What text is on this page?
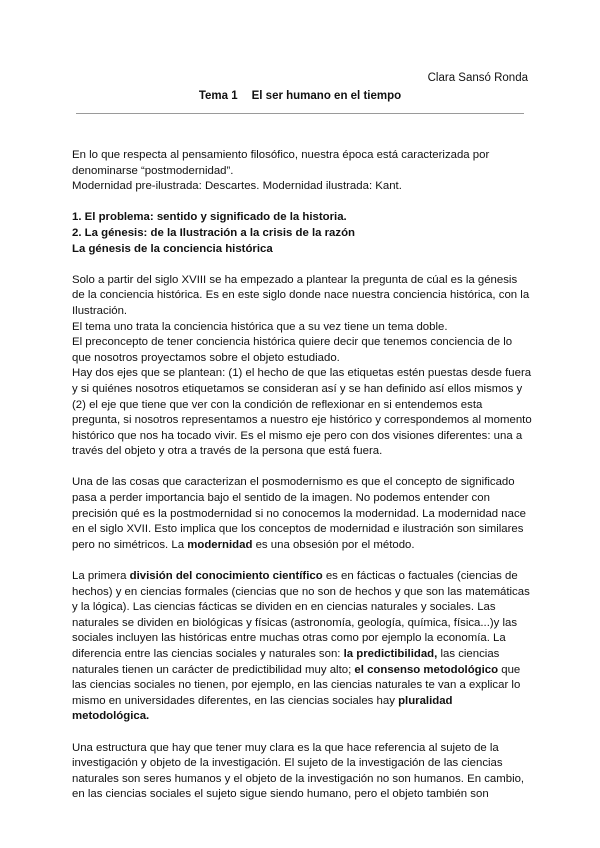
Clara Sansó Ronda
Tema 1 El ser humano en el tiempo

En lo que respecta al pensamiento filosófico, nuestra época está caracterizada por denominarse “postmodernidad”.

Modernidad pre-ilustrada: Descartes. Modernidad ilustrada: Kant.

1. El problema: sentido y significado de la historia.

2. La génesis: de la Ilustración a la crisis de la razón

La génesis de la conciencia histórica

Solo a partir del siglo XVIII se ha empezado a plantear la pregunta de cúal es la génesis de la conciencia histórica. Es en este siglo donde nace nuestra conciencia histórica, con la Ilustración.

El tema uno trata la conciencia histórica que a su vez tiene un tema doble.

El preconcepto de tener conciencia histórica quiere decir que tenemos conciencia de lo que nosotros proyectamos sobre el objeto estudiado.

Hay dos ejes que se plantean: (1) el hecho de que las etiquetas estén puestas desde fuera y si quiénes nosotros etiquetamos se consideran así y se han definido así ellos mismos y (2) el eje que tiene que ver con la condición de reflexionar en si entendemos esta pregunta, si nosotros representamos a nuestro eje histórico y correspondemos al momento histórico que nos ha tocado vivir. Es el mismo eje pero con dos visiones diferentes: una a través del objeto y otra a través de la persona que está fuera.

Una de las cosas que caracterizan el posmodernismo es que el concepto de significado pasa a perder importancia bajo el sentido de la imagen. No podemos entender con precisión qué es la postmodernidad si no conocemos la modernidad. La modernidad nace en el siglo XVII. Esto implica que los conceptos de modernidad e ilustración son similares pero no simétricos. La modernidad es una obsesión por el método.

La primera división del conocimiento científico es en fácticas o factuales (ciencias de hechos) y en ciencias formales (ciencias que no son de hechos y que son las matemáticas y la lógica). Las ciencias fácticas se dividen en en ciencias naturales y sociales. Las naturales se dividen en biológicas y físicas (astronomía, geología, química, física...)y las sociales incluyen las históricas entre muchas otras como por ejemplo la economía. La diferencia entre las ciencias sociales y naturales son: la predictibilidad, las ciencias naturales tienen un carácter de predictibilidad muy alto; el consenso metodológico que las ciencias sociales no tienen, por ejemplo, en las ciencias naturales te van a explicar lo mismo en universidades diferentes, en las ciencias sociales hay pluralidad metodológica.

Una estructura que hay que tener muy clara es la que hace referencia al sujeto de la investigación y objeto de la investigación. El sujeto de la investigación de las ciencias naturales son seres humanos y el objeto de la investigación no son humanos. En cambio, en las ciencias sociales el sujeto sigue siendo humano, pero el objeto también son
